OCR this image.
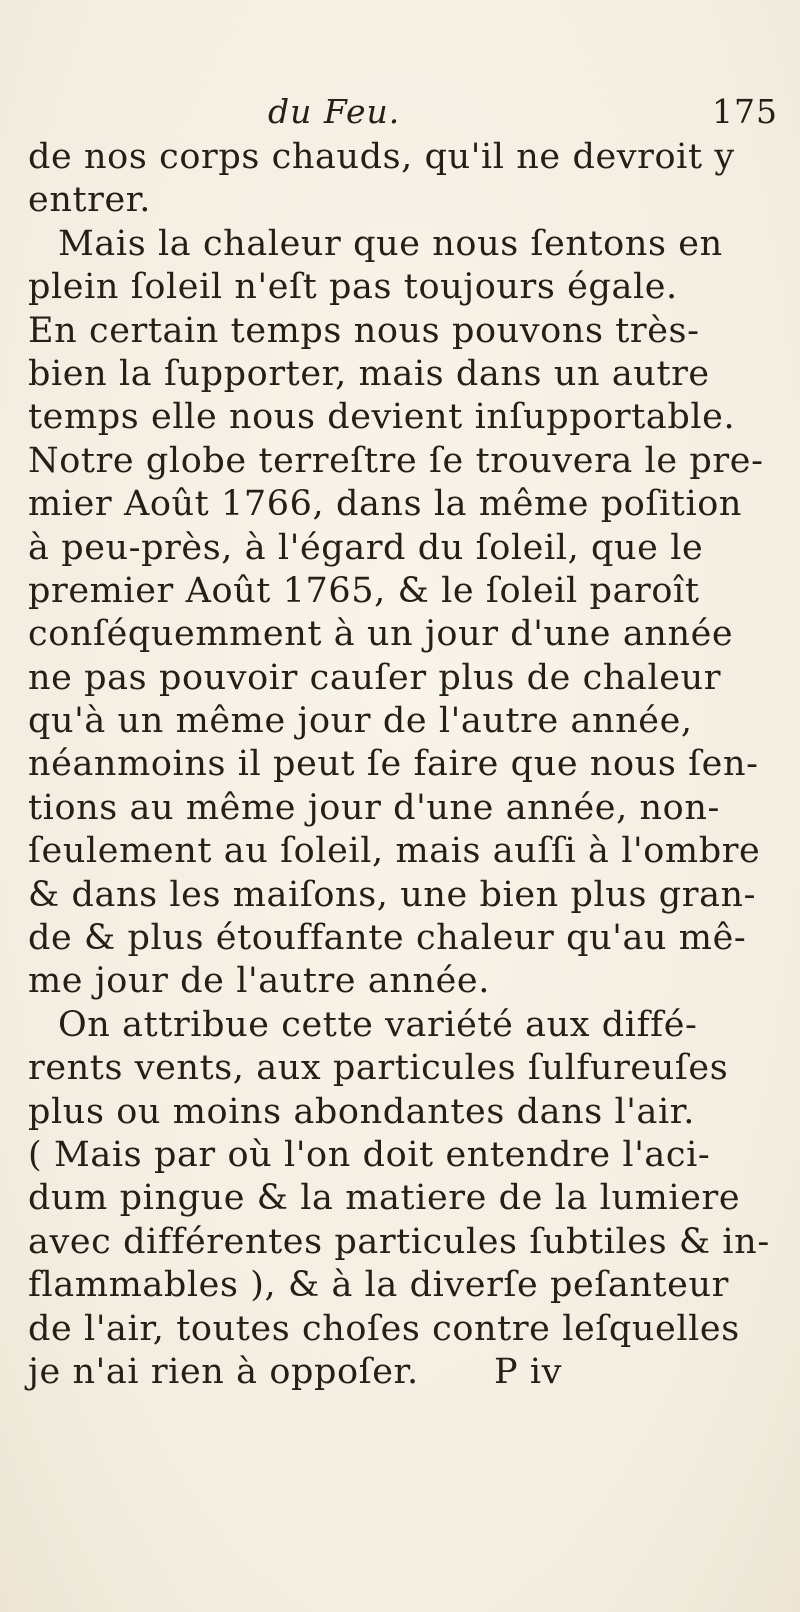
du Feu.	175
de nos corps chauds, qu'il ne devroit y
entrer.
Mais la chaleur que nous ſentons en
plein ſoleil n'eſt pas toujours égale.
En certain temps nous pouvons très-
bien la ſupporter, mais dans un autre
temps elle nous devient inſupportable.
Notre globe terreſtre ſe trouvera le pre-
mier Août 1766, dans la même poſition
à peu-près, à l'égard du ſoleil, que le
premier Août 1765, & le ſoleil paroît
conſéquemment à un jour d'une année
ne pas pouvoir cauſer plus de chaleur
qu'à un même jour de l'autre année,
néanmoins il peut ſe faire que nous ſen-
tions au même jour d'une année, non-
ſeulement au ſoleil, mais auſſi à l'ombre
& dans les maiſons, une bien plus gran-
de & plus étouffante chaleur qu'au mê-
me jour de l'autre année.
On attribue cette variété aux diffé-
rents vents, aux particules ſulfureuſes
plus ou moins abondantes dans l'air.
( Mais par où l'on doit entendre l'aci-
dum pingue & la matiere de la lumiere
avec différentes particules ſubtiles & in-
flammables ), & à la diverſe peſanteur
de l'air, toutes choſes contre leſquelles
je n'ai rien à oppoſer. P iv
